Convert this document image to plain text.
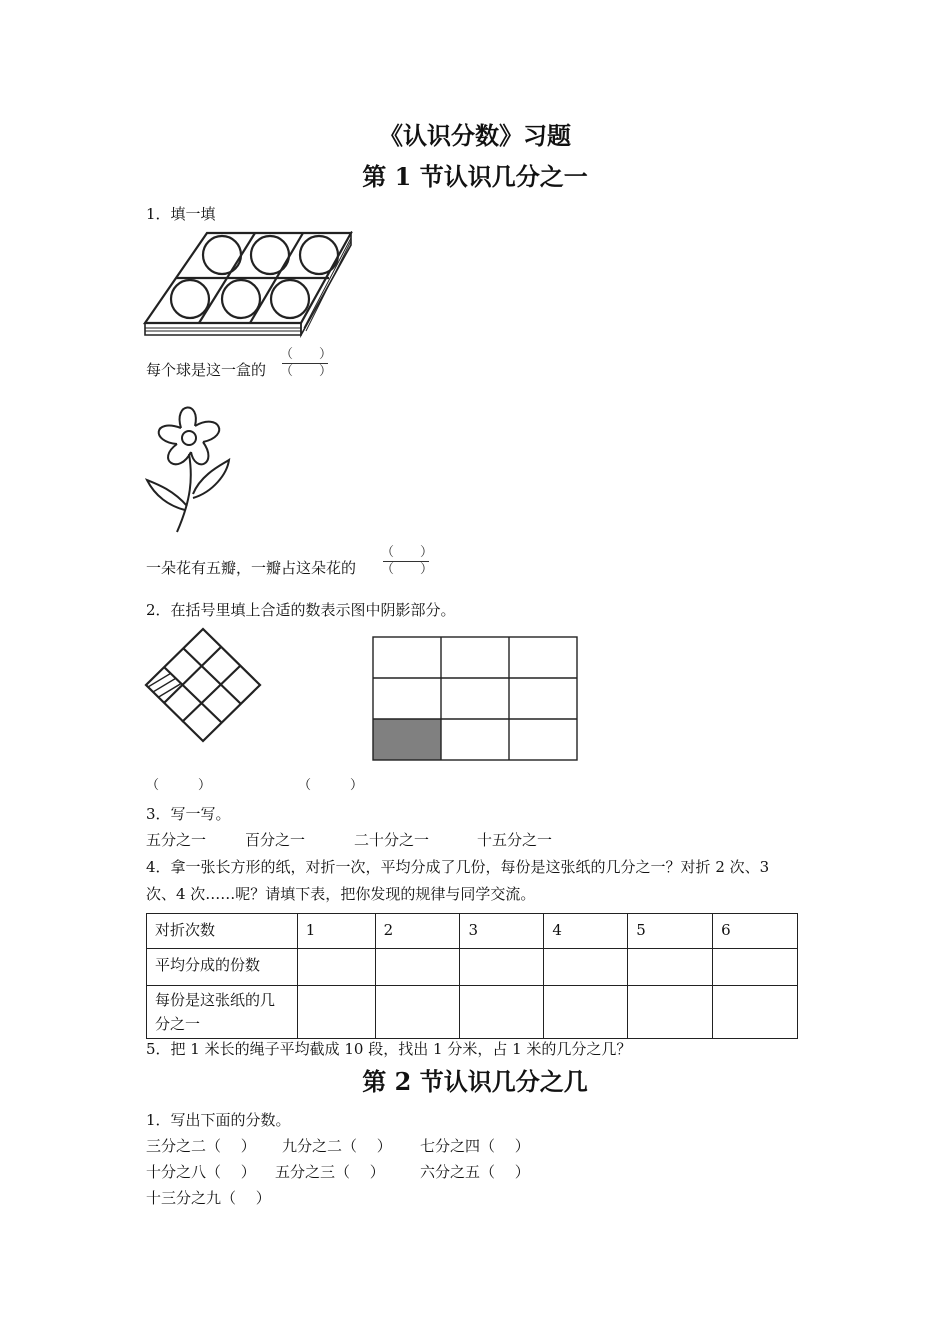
《认识分数》习题
第 1 节认识几分之一
1．填一填
每个球是这一盒的
（　　）
（　　）
一朵花有五瓣，一瓣占这朵花的
（　　）
（　　）
2．在括号里填上合适的数表示图中阴影部分。
（　　　）	（　　　）
3．写一写。
五分之一	百分之一	二十分之一	十五分之一
4．拿一张长方形的纸，对折一次，平均分成了几份，每份是这张纸的几分之一？对折 2 次、3
次、4 次……呢？请填下表，把你发现的规律与同学交流。
对折次数	1	2	3	4	5	6
平均分成的份数						
每份是这张纸的几分之一						
5．把 1 米长的绳子平均截成 10 段，找出 1 分米，占 1 米的几分之几？
第 2 节认识几分之几
1．写出下面的分数。
三分之二（　 ） 九分之二（　 ） 七分之四（　 ）
十分之八（　 ） 五分之三（　 ） 六分之五（　 ）
十三分之九（　 ）
